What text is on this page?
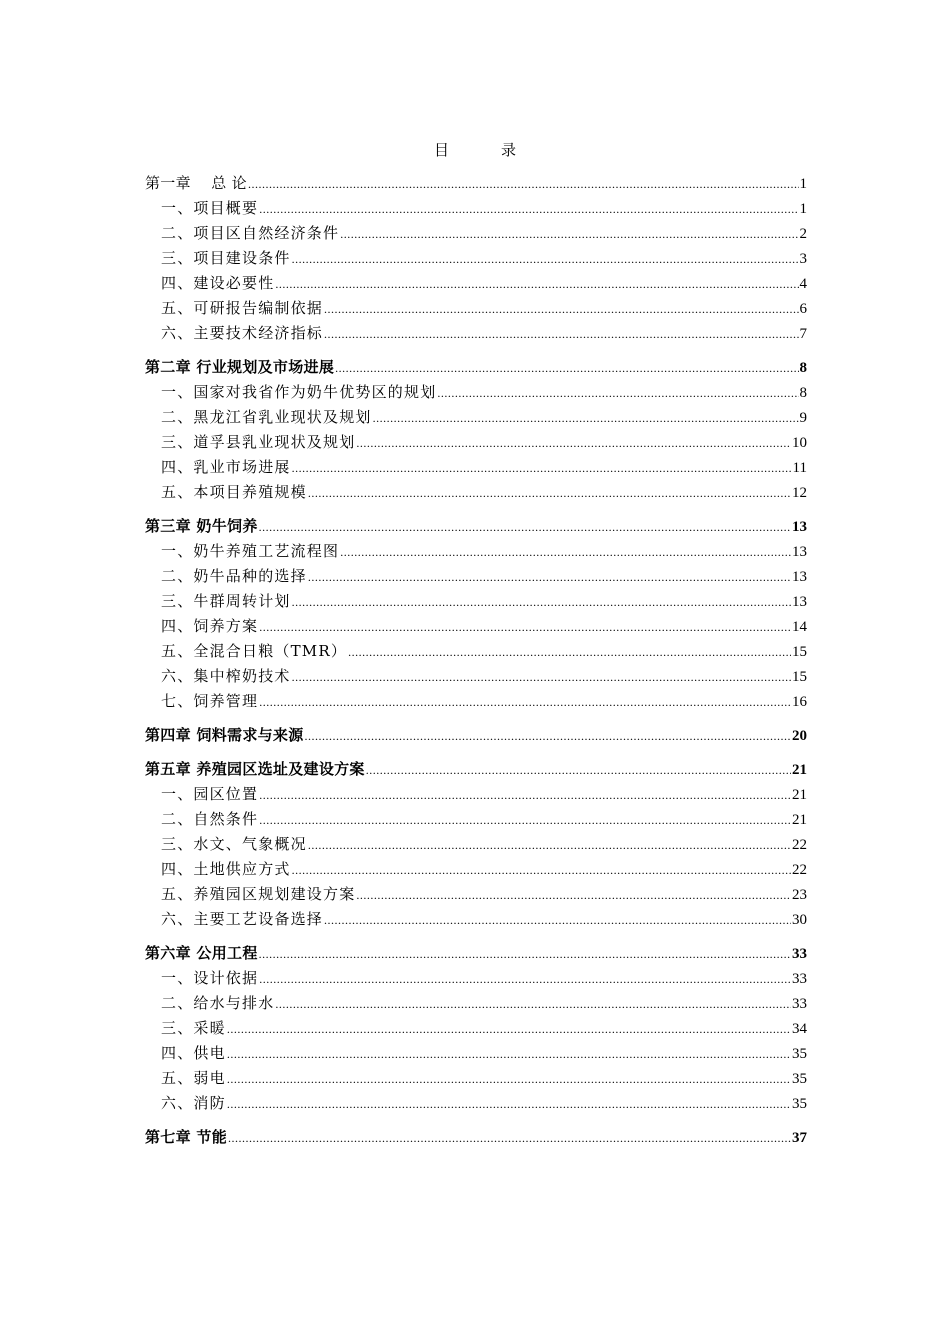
目	录
第一章　 总 论 .....	1
一、项目概要 .....	1
二、项目区自然经济条件 .....	2
三、项目建设条件 .....	3
四、建设必要性 .....	4
五、可研报告编制依据 .....	6
六、主要技术经济指标 .....	7
第二章 行业规划及市场进展 .....	8
一、国家对我省作为奶牛优势区的规划 .....	8
二、黑龙江省乳业现状及规划 .....	9
三、道孚县乳业现状及规划 .....	10
四、乳业市场进展 .....	11
五、本项目养殖规模 .....	12
第三章 奶牛饲养 .....	13
一、奶牛养殖工艺流程图 .....	13
二、奶牛品种的选择 .....	13
三、牛群周转计划 .....	13
四、饲养方案 .....	14
五、全混合日粮（TMR） .....	15
六、集中榨奶技术 .....	15
七、饲养管理 .....	16
第四章 饲料需求与来源 .....	20
第五章 养殖园区选址及建设方案 .....	21
一、园区位置 .....	21
二、自然条件 .....	21
三、水文、气象概况 .....	22
四、土地供应方式 .....	22
五、养殖园区规划建设方案 .....	23
六、主要工艺设备选择 .....	30
第六章 公用工程 .....	33
一、设计依据 .....	33
二、给水与排水 .....	33
三、采暖 .....	34
四、供电 .....	35
五、弱电 .....	35
六、消防 .....	35
第七章 节能 .....	37
